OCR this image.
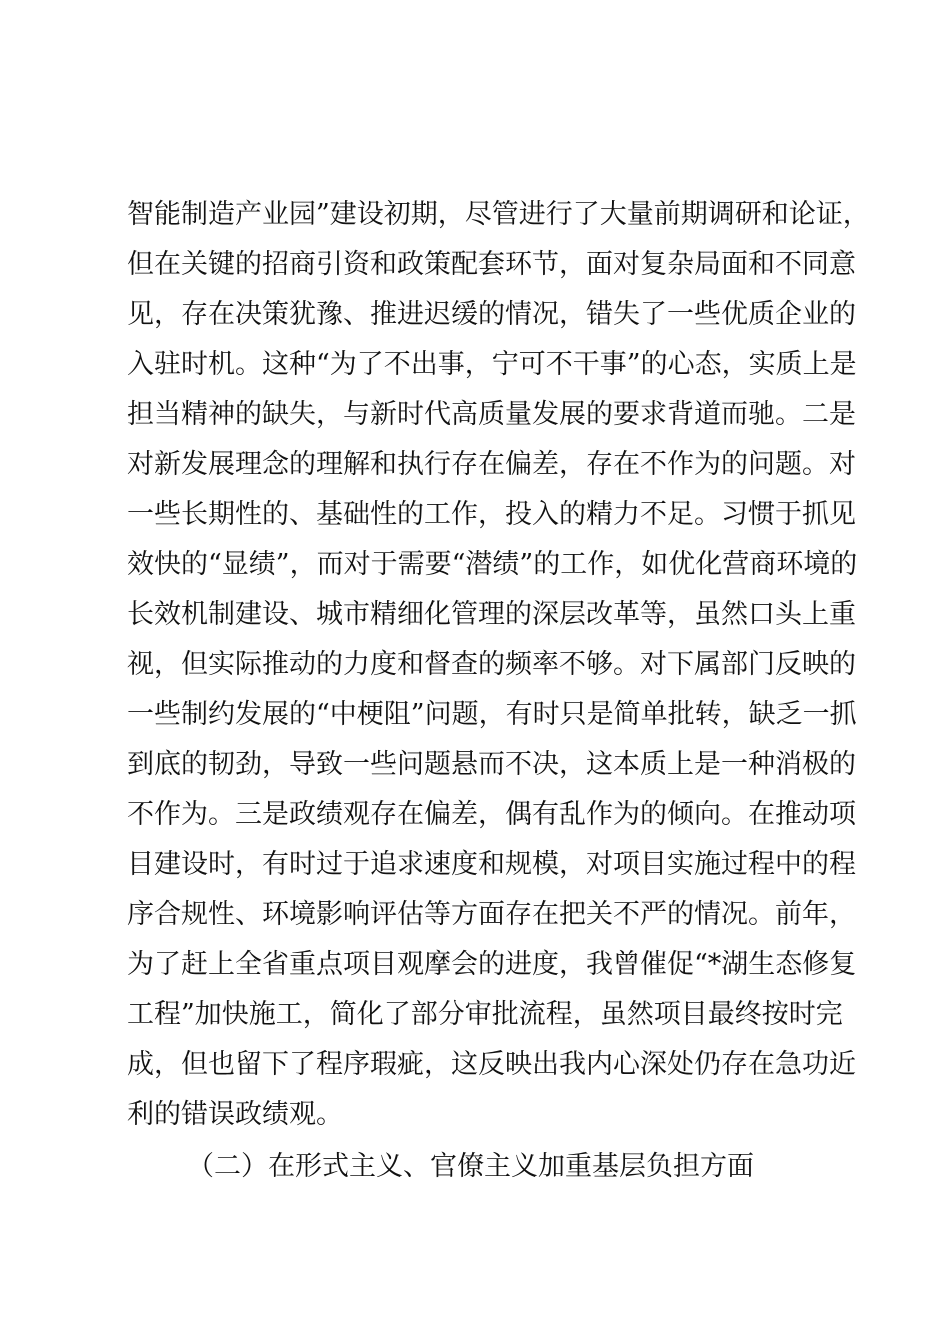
智能制造产业园”建设初期，尽管进行了大量前期调研和论证，
但在关键的招商引资和政策配套环节，面对复杂局面和不同意
见，存在决策犹豫、推进迟缓的情况，错失了一些优质企业的
入驻时机。这种“为了不出事，宁可不干事”的心态，实质上是
担当精神的缺失，与新时代高质量发展的要求背道而驰。二是
对新发展理念的理解和执行存在偏差，存在不作为的问题。对
一些长期性的、基础性的工作，投入的精力不足。习惯于抓见
效快的“显绩”，而对于需要“潜绩”的工作，如优化营商环境的
长效机制建设、城市精细化管理的深层改革等，虽然口头上重
视，但实际推动的力度和督查的频率不够。对下属部门反映的
一些制约发展的“中梗阻”问题，有时只是简单批转，缺乏一抓
到底的韧劲，导致一些问题悬而不决，这本质上是一种消极的
不作为。三是政绩观存在偏差，偶有乱作为的倾向。在推动项
目建设时，有时过于追求速度和规模，对项目实施过程中的程
序合规性、环境影响评估等方面存在把关不严的情况。前年，
为了赶上全省重点项目观摩会的进度，我曾催促“*湖生态修复
工程”加快施工，简化了部分审批流程，虽然项目最终按时完
成，但也留下了程序瑕疵，这反映出我内心深处仍存在急功近
利的错误政绩观。
（二）在形式主义、官僚主义加重基层负担方面
